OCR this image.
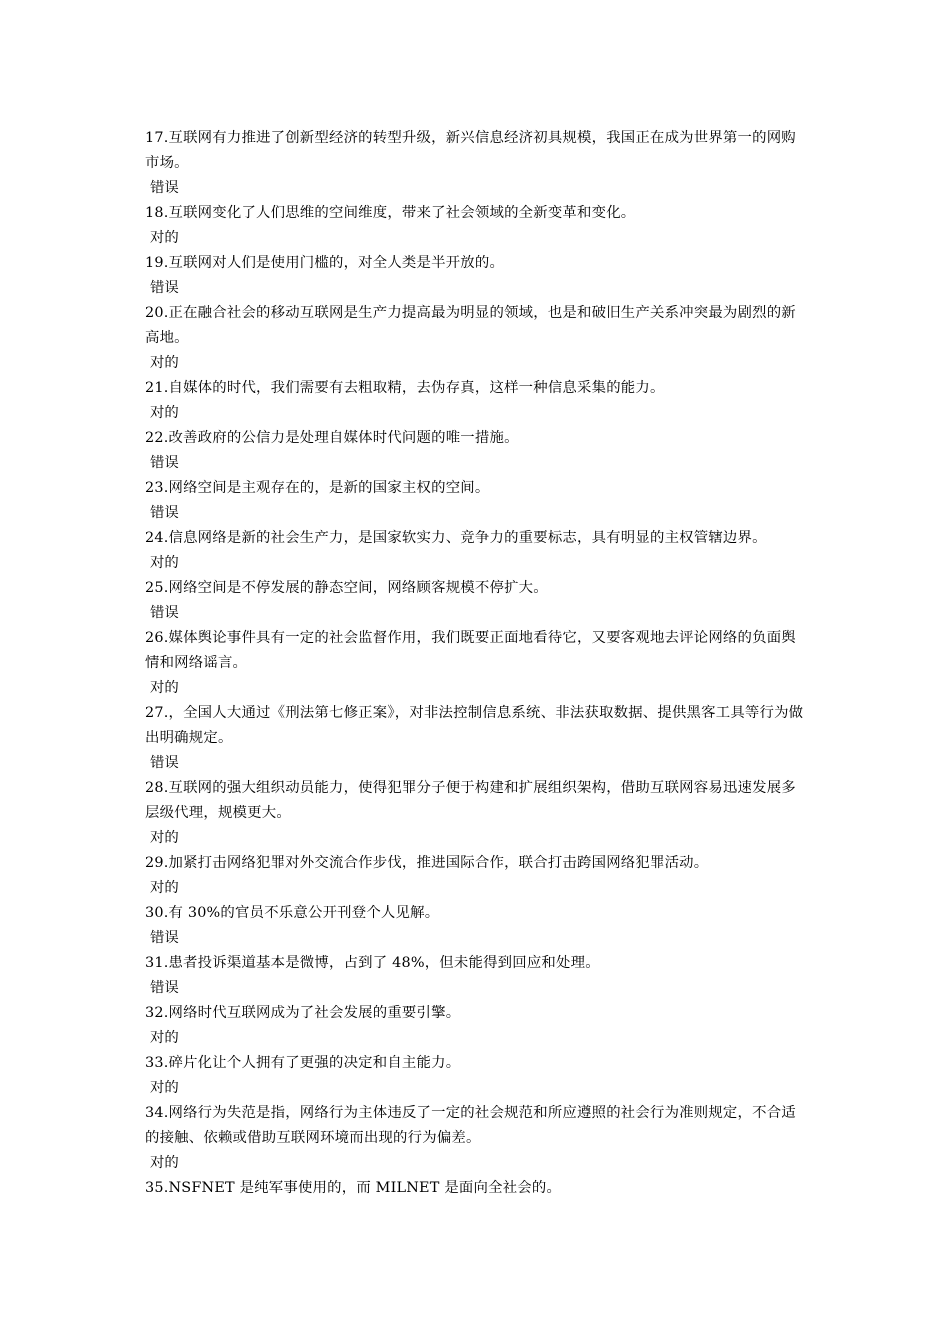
17.互联网有力推进了创新型经济的转型升级，新兴信息经济初具规模，我国正在成为世界第一的网购市场。

错误

18.互联网变化了人们思维的空间维度，带来了社会领域的全新变革和变化。

对的

19.互联网对人们是使用门槛的，对全人类是半开放的。

错误

20.正在融合社会的移动互联网是生产力提高最为明显的领域，也是和破旧生产关系冲突最为剧烈的新高地。

对的

21.自媒体的时代，我们需要有去粗取精，去伪存真，这样一种信息采集的能力。

对的

22.改善政府的公信力是处理自媒体时代问题的唯一措施。

错误

23.网络空间是主观存在的，是新的国家主权的空间。

错误

24.信息网络是新的社会生产力，是国家软实力、竞争力的重要标志，具有明显的主权管辖边界。

对的

25.网络空间是不停发展的静态空间，网络顾客规模不停扩大。

错误

26.媒体舆论事件具有一定的社会监督作用，我们既要正面地看待它，又要客观地去评论网络的负面舆情和网络谣言。

对的

27.，全国人大通过《刑法第七修正案》，对非法控制信息系统、非法获取数据、提供黑客工具等行为做出明确规定。

错误

28.互联网的强大组织动员能力，使得犯罪分子便于构建和扩展组织架构，借助互联网容易迅速发展多层级代理，规模更大。

对的

29.加紧打击网络犯罪对外交流合作步伐，推进国际合作，联合打击跨国网络犯罪活动。

对的

30.有 30%的官员不乐意公开刊登个人见解。

错误

31.患者投诉渠道基本是微博，占到了 48%，但未能得到回应和处理。

错误

32.网络时代互联网成为了社会发展的重要引擎。

对的

33.碎片化让个人拥有了更强的决定和自主能力。

对的

34.网络行为失范是指，网络行为主体违反了一定的社会规范和所应遵照的社会行为准则规定，不合适的接触、依赖或借助互联网环境而出现的行为偏差。

对的

35.NSFNET 是纯军事使用的，而 MILNET 是面向全社会的。
